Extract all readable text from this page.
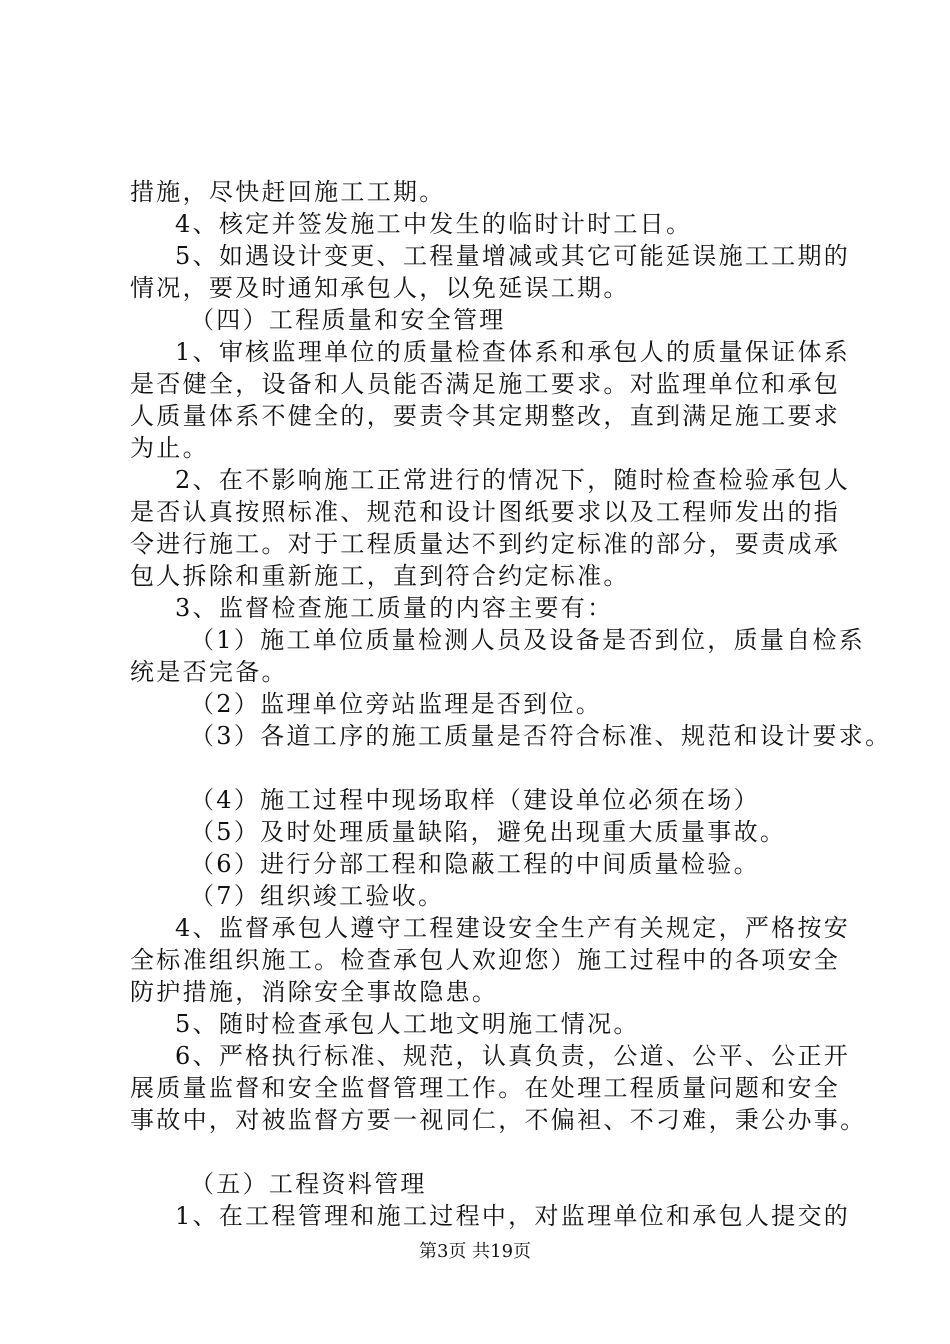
措施，尽快赶回施工工期。
4、核定并签发施工中发生的临时计时工日。
5、如遇设计变更、工程量增减或其它可能延误施工工期的
情况，要及时通知承包人，以免延误工期。
（四）工程质量和安全管理
1、审核监理单位的质量检查体系和承包人的质量保证体系
是否健全，设备和人员能否满足施工要求。对监理单位和承包
人质量体系不健全的，要责令其定期整改，直到满足施工要求
为止。
2、在不影响施工正常进行的情况下，随时检查检验承包人
是否认真按照标准、规范和设计图纸要求以及工程师发出的指
令进行施工。对于工程质量达不到约定标准的部分，要责成承
包人拆除和重新施工，直到符合约定标准。
3、监督检查施工质量的内容主要有：
（1）施工单位质量检测人员及设备是否到位，质量自检系
统是否完备。
（2）监理单位旁站监理是否到位。
（3）各道工序的施工质量是否符合标准、规范和设计要求。
（4）施工过程中现场取样（建设单位必须在场）
（5）及时处理质量缺陷，避免出现重大质量事故。
（6）进行分部工程和隐蔽工程的中间质量检验。
（7）组织竣工验收。
4、监督承包人遵守工程建设安全生产有关规定，严格按安
全标准组织施工。检查承包人欢迎您）施工过程中的各项安全
防护措施，消除安全事故隐患。
5、随时检查承包人工地文明施工情况。
6、严格执行标准、规范，认真负责，公道、公平、公正开
展质量监督和安全监督管理工作。在处理工程质量问题和安全
事故中，对被监督方要一视同仁，不偏袒、不刁难，秉公办事。
（五）工程资料管理
1、在工程管理和施工过程中，对监理单位和承包人提交的
第3页 共19页
